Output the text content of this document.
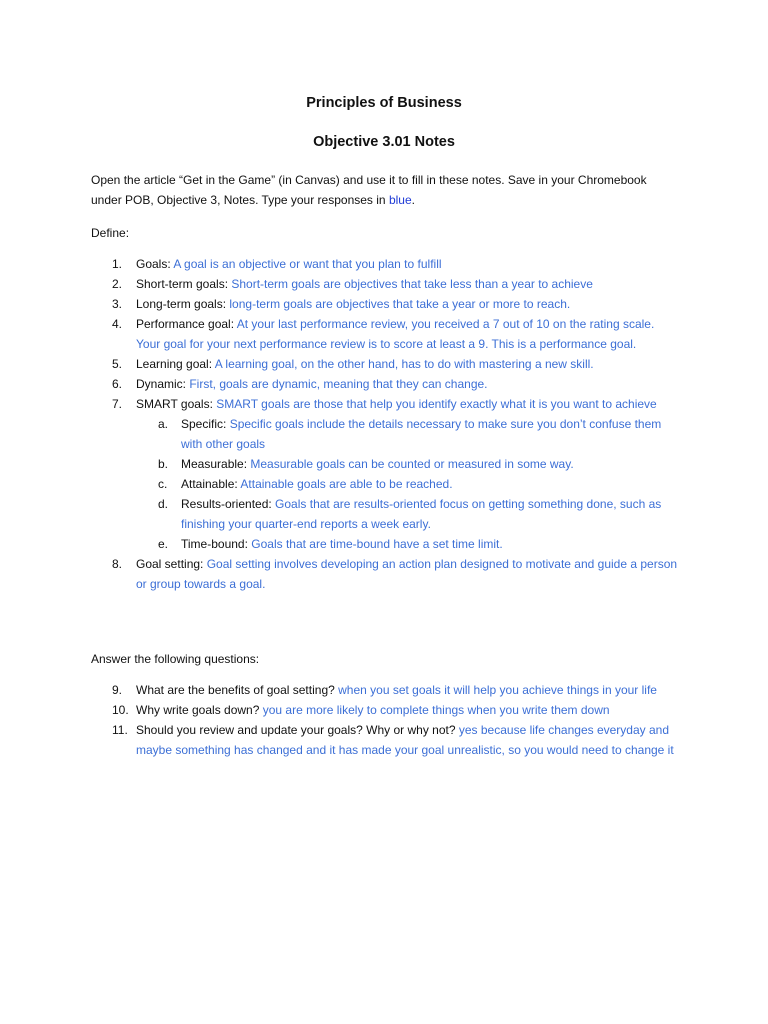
Principles of Business

Objective 3.01 Notes

Open the article “Get in the Game” (in Canvas) and use it to fill in these notes. Save in your Chromebook under POB, Objective 3, Notes. Type your responses in blue.

Define:

1.	Goals: A goal is an objective or want that you plan to fulfill
2.	Short-term goals: Short-term goals are objectives that take less than a year to achieve
3.	Long-term goals: long-term goals are objectives that take a year or more to reach.
4.	Performance goal: At your last performance review, you received a 7 out of 10 on the rating scale. Your goal for your next performance review is to score at least a 9. This is a performance goal.
5.	Learning goal: A learning goal, on the other hand, has to do with mastering a new skill.
6.	Dynamic: First, goals are dynamic, meaning that they can change.
7.	SMART goals: SMART goals are those that help you identify exactly what it is you want to achieve
a.	Specific: Specific goals include the details necessary to make sure you don’t confuse them with other goals
b.	Measurable: Measurable goals can be counted or measured in some way.
c.	Attainable: Attainable goals are able to be reached.
d.	Results-oriented: Goals that are results-oriented focus on getting something done, such as finishing your quarter-end reports a week early.
e.	Time-bound: Goals that are time-bound have a set time limit.
8.	Goal setting: Goal setting involves developing an action plan designed to motivate and guide a person or group towards a goal.

Answer the following questions:

9.	What are the benefits of goal setting? when you set goals it will help you achieve things in your life
10. Why write goals down? you are more likely to complete things when you write them down
11. Should you review and update your goals? Why or why not? yes because life changes everyday and maybe something has changed and it has made your goal unrealistic, so you would need to change it
